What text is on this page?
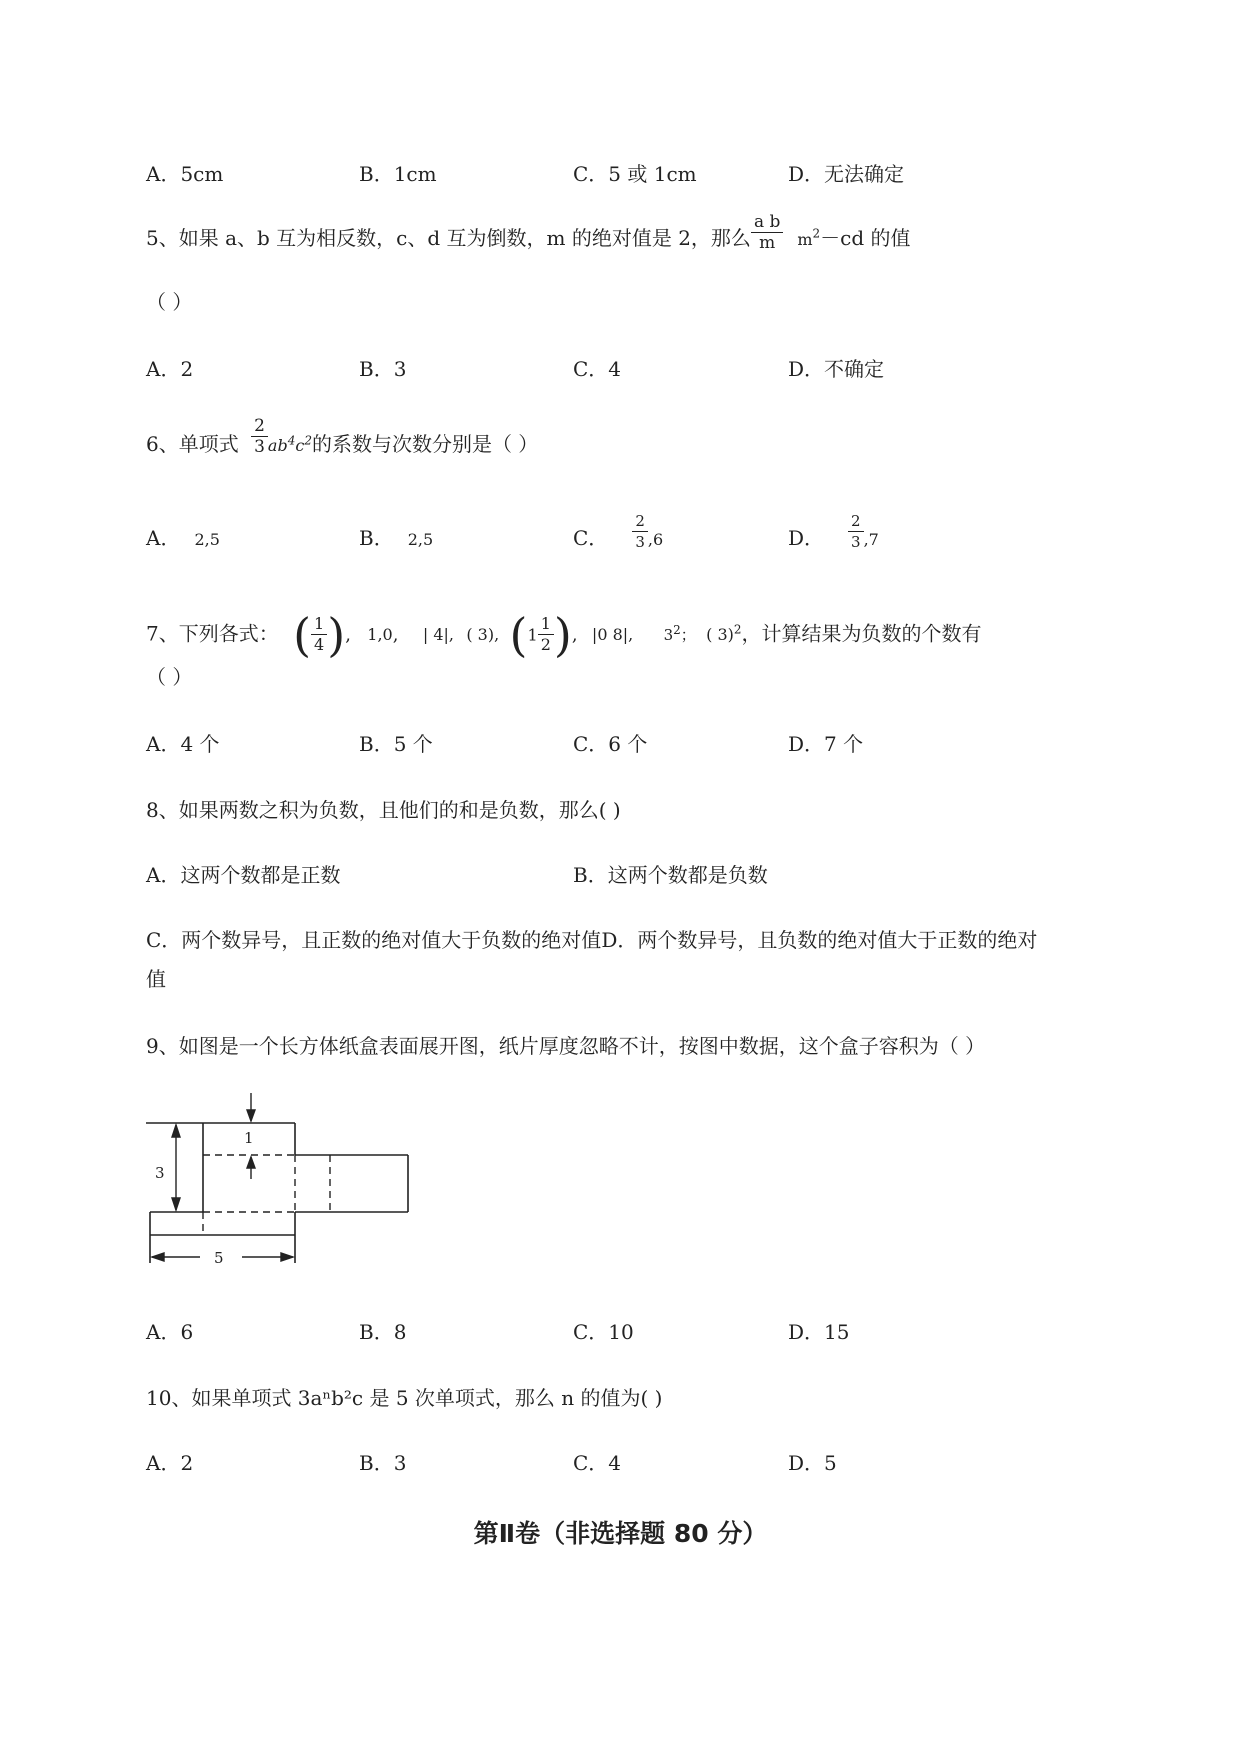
A．5cm	B．1cm	C．5 或 1cm	D．无法确定
5、如果 a、b 互为相反数，c、d 互为倒数，m 的绝对值是 2，那么 $\frac{\text{a b}}{m} m^2-cd$ 的值
（ ）
A．2	B．3	C．4	D．不确定
6、单项式 $\frac{2}{3} ab^4c^2$的系数与次数分别是（ ）
A． 2,5	B． 2,5	C． $\frac{2}{3} ,6$	D． $\frac{2}{3} ,7$
7、下列各式： ( $\frac{1}{4}$ ), 1,0, | 4|, ( 3), ($1 \frac{1}{2}$ ), |0 8|, $3^2$； ( 3)$^2$，计算结果为负数的个数有
（ ）
A．4 个	B．5 个	C．6 个	D．7 个
8、如果两数之积为负数，且他们的和是负数，那么( )
A．这两个数都是正数	B．这两个数都是负数
C．两个数异号，且正数的绝对值大于负数的绝对值D．两个数异号，且负数的绝对值大于正数的绝对
值
9、如图是一个长方体纸盒表面展开图，纸片厚度忽略不计，按图中数据，这个盒子容积为（ ）
1
3
5
A．6	B．8	C．10	D．15
10、如果单项式 3aⁿb²c 是 5 次单项式，那么 n 的值为( )
A．2	B．3	C．4	D．5
第Ⅱ卷（非选择题 80 分）
